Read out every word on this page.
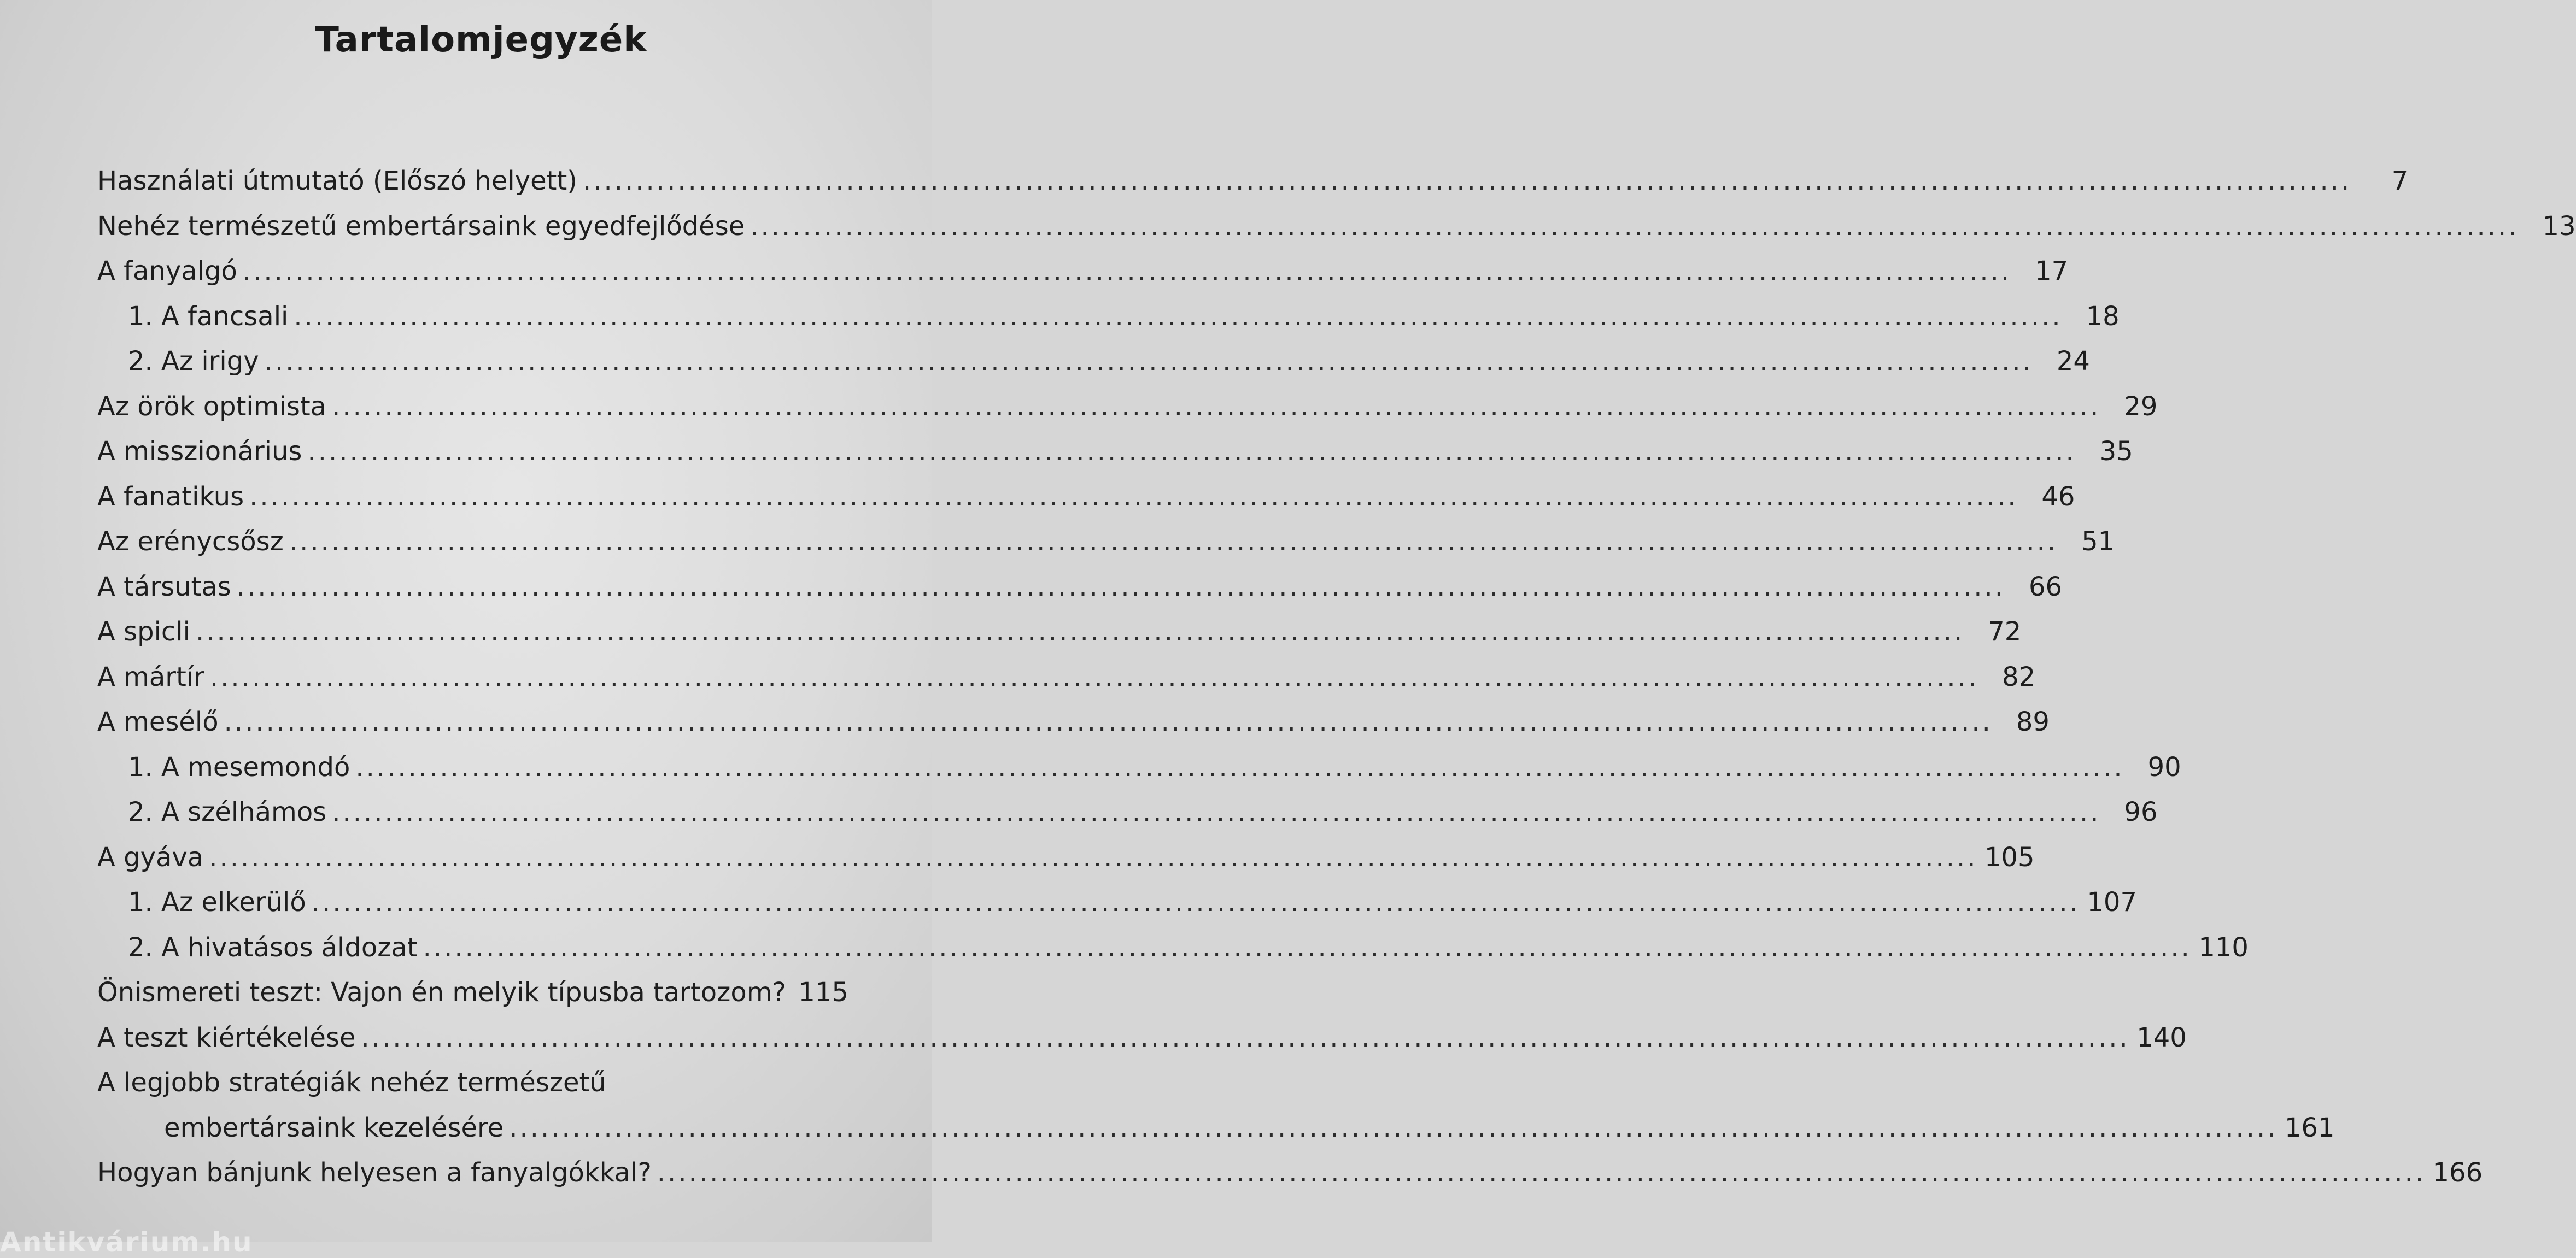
Tartalomjegyzék
Használati útmutató (Előszó helyett) .....	7
Nehéz természetű embertársaink egyedfejlődése .....	13
A fanyalgó .....	17
1. A fancsali .....	18
2. Az irigy .....	24
Az örök optimista .....	29
A misszionárius .....	35
A fanatikus .....	46
Az erénycsősz .....	51
A társutas .....	66
A spicli .....	72
A mártír .....	82
A mesélő .....	89
1. A mesemondó .....	90
2. A szélhámos .....	96
A gyáva .....	105
1. Az elkerülő .....	107
2. A hivatásos áldozat .....	110
Önismereti teszt: Vajon én melyik típusba tartozom? 115
A teszt kiértékelése .....	140
A legjobb stratégiák nehéz természetű
embertársaink kezelésére .....	161
Hogyan bánjunk helyesen a fanyalgókkal? .....	166
Antikvárium.hu
